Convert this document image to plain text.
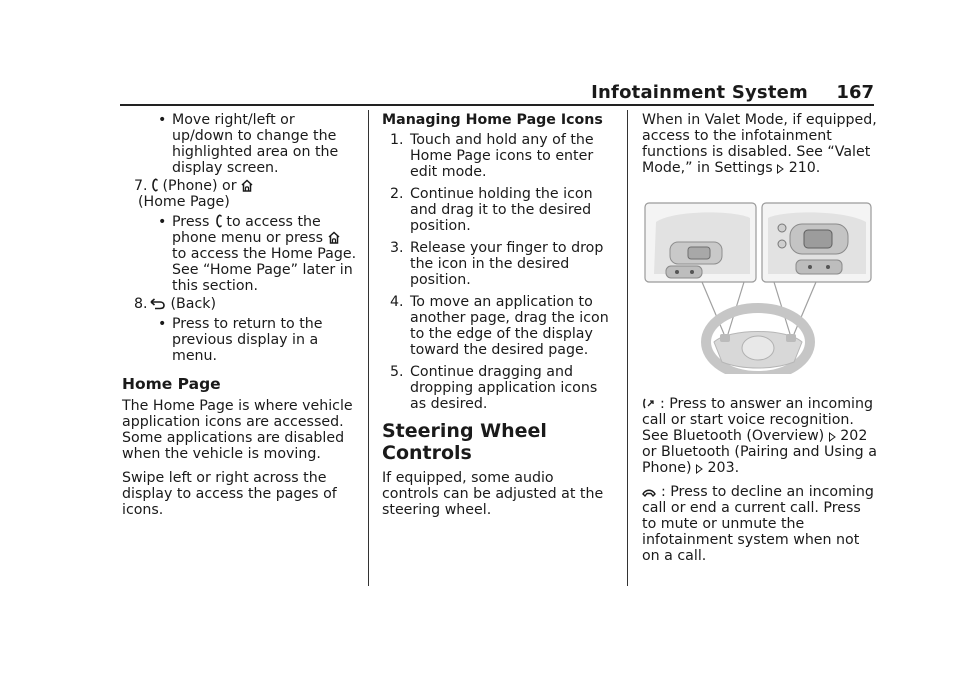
Infotainment System 167

• Move right/left or up/down to change the highlighted area on the display screen.

7. (Phone) or
(Home Page)

• Press to access the phone menu or press  to access the Home Page. See “Home Page” later in this section.

8. (Back)

• Press to return to the previous display in a menu.

Home Page

The Home Page is where vehicle application icons are accessed. Some applications are disabled when the vehicle is moving.

Swipe left or right across the display to access the pages of icons.

Managing Home Page Icons

1. Touch and hold any of the Home Page icons to enter edit mode.

2. Continue holding the icon and drag it to the desired position.

3. Release your finger to drop the icon in the desired position.

4. To move an application to another page, drag the icon to the edge of the display toward the desired page.

5. Continue dragging and dropping application icons as desired.

Steering Wheel Controls

If equipped, some audio controls can be adjusted at the steering wheel.

When in Valet Mode, if equipped, access to the infotainment functions is disabled. See “Valet Mode,” in Settings 210.

: Press to answer an incoming call or start voice recognition. See Bluetooth (Overview) 202 or Bluetooth (Pairing and Using a Phone) 203.

: Press to decline an incoming call or end a current call. Press to mute or unmute the infotainment system when not on a call.
